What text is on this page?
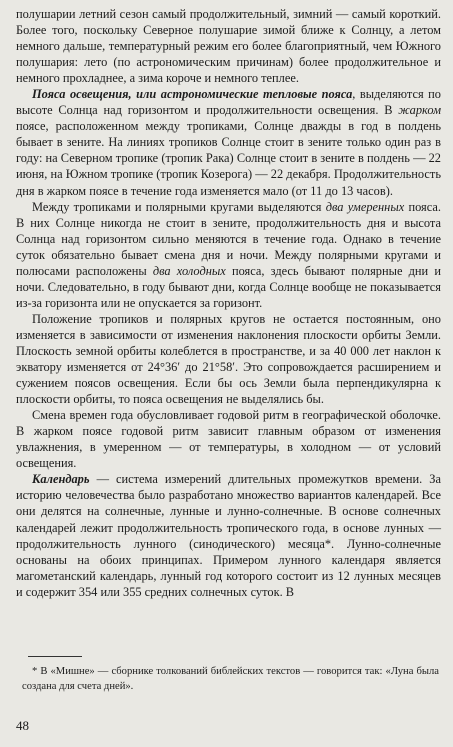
полушарии летний сезон самый продолжительный, зимний — самый короткий. Более того, поскольку Северное полушарие зимой ближе к Солнцу, а летом немного дальше, температурный режим его более благоприятный, чем Южного полушария: лето (по астрономическим причинам) более продолжительное и немного прохладнее, а зима короче и немного теплее.

Пояса освещения, или астрономические тепловые пояса, выделяются по высоте Солнца над горизонтом и продолжительности освещения. В жарком поясе, расположенном между тропиками, Солнце дважды в год в полдень бывает в зените. На линиях тропиков Солнце стоит в зените только один раз в году: на Северном тропике (тропик Рака) Солнце стоит в зените в полдень — 22 июня, на Южном тропике (тропик Козерога) — 22 декабря. Продолжительность дня в жарком поясе в течение года изменяется мало (от 11 до 13 часов).

Между тропиками и полярными кругами выделяются два умеренных пояса. В них Солнце никогда не стоит в зените, продолжительность дня и высота Солнца над горизонтом сильно меняются в течение года. Однако в течение суток обязательно бывает смена дня и ночи. Между полярными кругами и полюсами расположены два холодных пояса, здесь бывают полярные дни и ночи. Следовательно, в году бывают дни, когда Солнце вообще не показывается из-за горизонта или не опускается за горизонт.

Положение тропиков и полярных кругов не остается постоянным, оно изменяется в зависимости от изменения наклонения плоскости орбиты Земли. Плоскость земной орбиты колеблется в пространстве, и за 40 000 лет наклон к экватору изменяется от 24°36′ до 21°58′. Это сопровождается расширением и сужением поясов освещения. Если бы ось Земли была перпендикулярна к плоскости орбиты, то пояса освещения не выделялись бы.

Смена времен года обусловливает годовой ритм в географической оболочке. В жарком поясе годовой ритм зависит главным образом от изменения увлажнения, в умеренном — от температуры, в холодном — от условий освещения.

Календарь — система измерений длительных промежутков времени. За историю человечества было разработано множество вариантов календарей. Все они делятся на солнечные, лунные и лунно-солнечные. В основе солнечных календарей лежит продолжительность тропического года, в основе лунных — продолжительность лунного (синодического) месяца*. Лунно-солнечные основаны на обоих принципах. Примером лунного календаря является магометанский календарь, лунный год которого состоит из 12 лунных месяцев и содержит 354 или 355 средних солнечных суток. В

* В «Мишне» — сборнике толкований библейских текстов — говорится так: «Луна была создана для счета дней».

48
